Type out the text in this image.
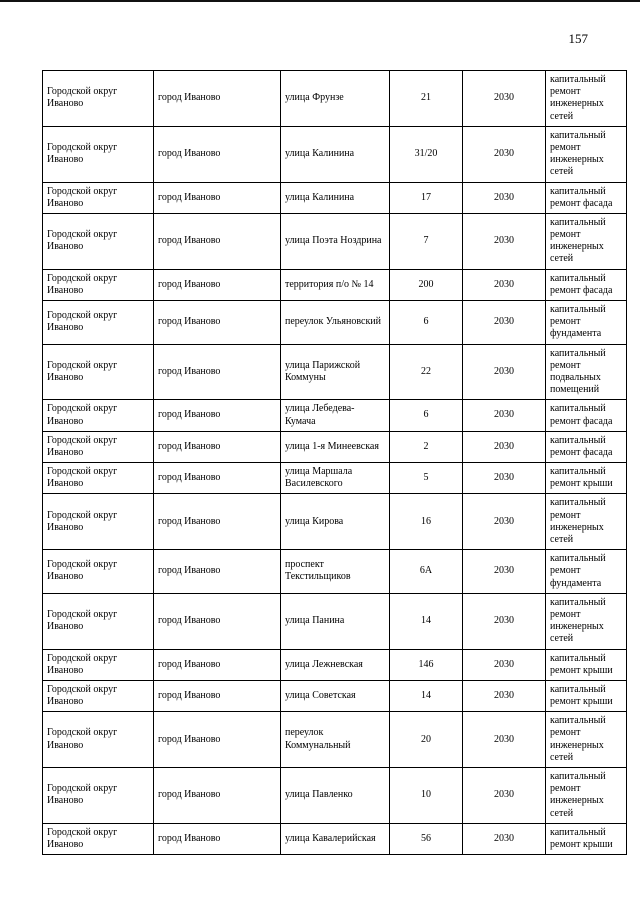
157
Городской округ Иваново	город Иваново	улица Фрунзе	21	2030	капитальный ремонт инженерных сетей
Городской округ Иваново	город Иваново	улица Калинина	31/20	2030	капитальный ремонт инженерных сетей
Городской округ Иваново	город Иваново	улица Калинина	17	2030	капитальный ремонт фасада
Городской округ Иваново	город Иваново	улица Поэта Ноздрина	7	2030	капитальный ремонт инженерных сетей
Городской округ Иваново	город Иваново	территория п/о № 14	200	2030	капитальный ремонт фасада
Городской округ Иваново	город Иваново	переулок Ульяновский	6	2030	капитальный ремонт фундамента
Городской округ Иваново	город Иваново	улица Парижской Коммуны	22	2030	капитальный ремонт подвальных помещений
Городской округ Иваново	город Иваново	улица Лебедева-Кумача	6	2030	капитальный ремонт фасада
Городской округ Иваново	город Иваново	улица 1-я Минеевская	2	2030	капитальный ремонт фасада
Городской округ Иваново	город Иваново	улица Маршала Василевского	5	2030	капитальный ремонт крыши
Городской округ Иваново	город Иваново	улица Кирова	16	2030	капитальный ремонт инженерных сетей
Городской округ Иваново	город Иваново	проспект Текстильщиков	6А	2030	капитальный ремонт фундамента
Городской округ Иваново	город Иваново	улица Панина	14	2030	капитальный ремонт инженерных сетей
Городской округ Иваново	город Иваново	улица Лежневская	146	2030	капитальный ремонт крыши
Городской округ Иваново	город Иваново	улица Советская	14	2030	капитальный ремонт крыши
Городской округ Иваново	город Иваново	переулок Коммунальный	20	2030	капитальный ремонт инженерных сетей
Городской округ Иваново	город Иваново	улица Павленко	10	2030	капитальный ремонт инженерных сетей
Городской округ Иваново	город Иваново	улица Кавалерийская	56	2030	капитальный ремонт крыши
